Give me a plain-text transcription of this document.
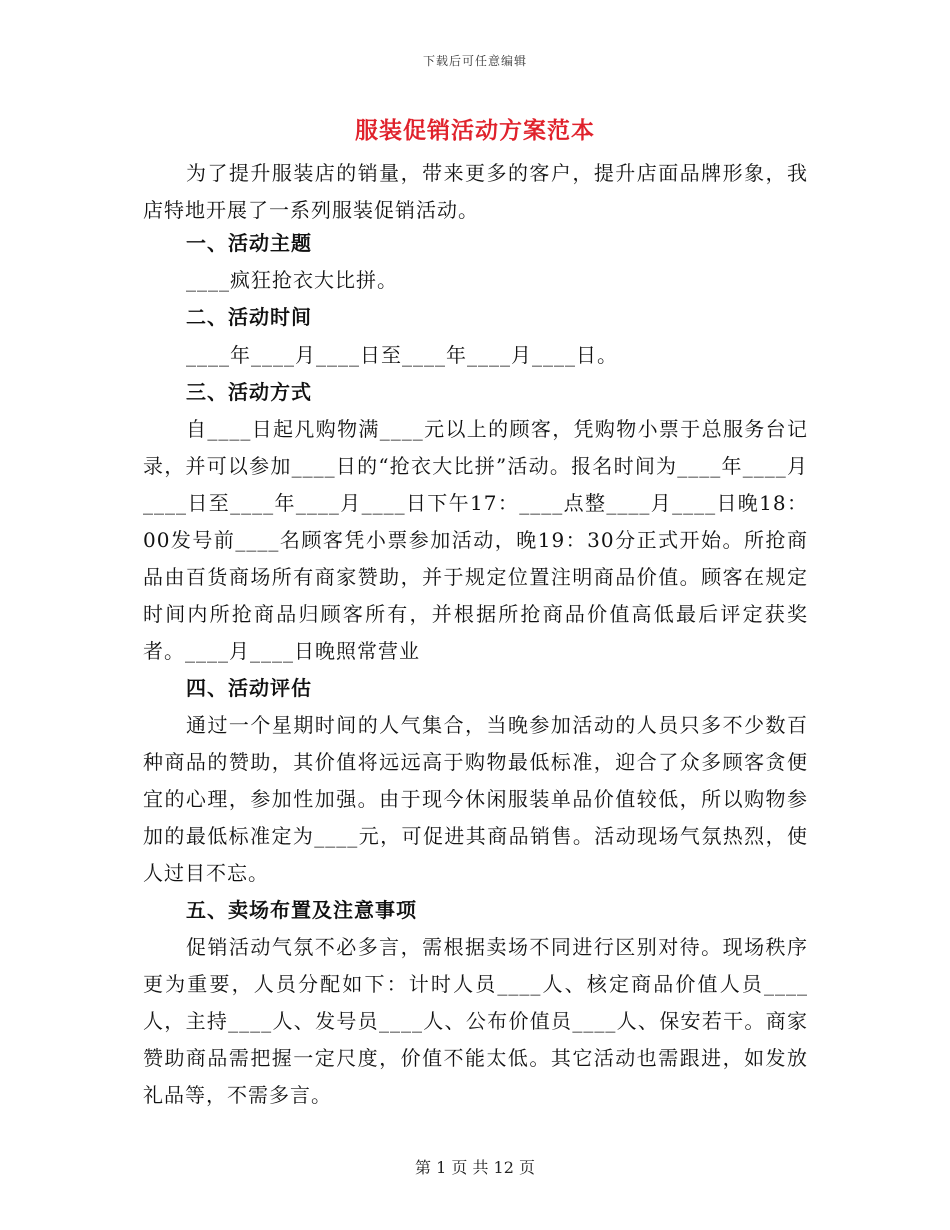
下载后可任意编辑
服装促销活动方案范本

为了提升服装店的销量，带来更多的客户，提升店面品牌形象，我店特地开展了一系列服装促销活动。

一、活动主题
____疯狂抢衣大比拼。
二、活动时间
____年____月____日至____年____月____日。
三、活动方式

自____日起凡购物满____元以上的顾客，凭购物小票于总服务台记录，并可以参加____日的“抢衣大比拼”活动。报名时间为____年____月____日至____年____月____日下午17：____点整____月____日晚18：00发号前____名顾客凭小票参加活动，晚19：30分正式开始。所抢商品由百货商场所有商家赞助，并于规定位置注明商品价值。顾客在规定时间内所抢商品归顾客所有，并根据所抢商品价值高低最后评定获奖者。____月____日晚照常营业

四、活动评估

通过一个星期时间的人气集合，当晚参加活动的人员只多不少数百种商品的赞助，其价值将远远高于购物最低标准，迎合了众多顾客贪便宜的心理，参加性加强。由于现今休闲服装单品价值较低，所以购物参加的最低标准定为____元，可促进其商品销售。活动现场气氛热烈，使人过目不忘。

五、卖场布置及注意事项

促销活动气氛不必多言，需根据卖场不同进行区别对待。现场秩序更为重要，人员分配如下：计时人员____人、核定商品价值人员____人，主持____人、发号员____人、公布价值员____人、保安若干。商家赞助商品需把握一定尺度，价值不能太低。其它活动也需跟进，如发放礼品等，不需多言。

第 1 页 共 12 页
